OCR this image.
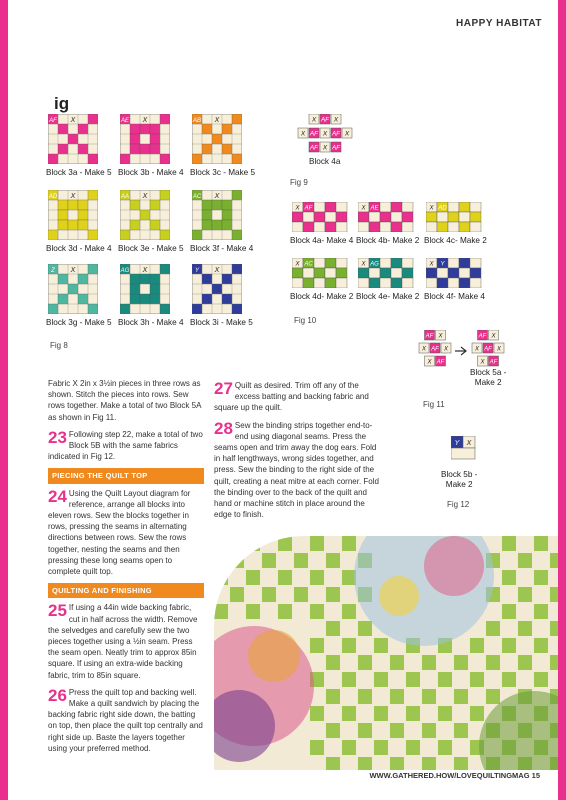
HAPPY HABITAT
ig
AF X
Block 3a - Make 5
AE X
Block 3b - Make 4
AB X
Block 3c - Make 5
AD X
Block 3d - Make 4
AA X
Block 3e - Make 5
AC X
Block 3f - Make 4
Z X
Block 3g - Make 5
AG X
Block 3h - Make 4
Y X
Block 3i - Make 5
Fig 8
X AF X
X AF X AF X
AF X AF
Block 4a
Fig 9
X AF
Block 4a- Make 4
X AE
Block 4b- Make 2
X AD
Block 4c- Make 2
X AC
Block 4d- Make 2
X AG
Block 4e- Make 2
X Y
Block 4f- Make 4
Fig 10
AF X
X AF X
X AF
AF X
X AF X
X AF
Block 5a -
Make 2
Fig 11
Y X
Block 5b -
Make 2
Fig 12

Fabric X 2in x 3½in pieces in three rows as shown. Stitch the pieces into rows. Sew rows together. Make a total of two Block 5A as shown in Fig 11.

23 Following step 22, make a total of two Block 5B with the same fabrics indicated in Fig 12.

PIECING THE QUILT TOP

24 Using the Quilt Layout diagram for reference, arrange all blocks into eleven rows. Sew the blocks together in rows, pressing the seams in alternating directions between rows. Sew the rows together, nesting the seams and then pressing these long seams open to complete quilt top.

QUILTING AND FINISHING

25 If using a 44in wide backing fabric, cut in half across the width. Remove the selvedges and carefully sew the two pieces together using a ½in seam. Press the seam open. Neatly trim to approx 85in square. If using an extra-wide backing fabric, trim to 85in square.

26 Press the quilt top and backing well. Make a quilt sandwich by placing the backing fabric right side down, the batting on top, then place the quilt top centrally and right side up. Baste the layers together using your preferred method.

27 Quilt as desired. Trim off any of the excess batting and backing fabric and square up the quilt.

28 Sew the binding strips together end-to-end using diagonal seams. Press the seams open and trim away the dog ears. Fold in half lengthways, wrong sides together, and press. Sew the binding to the right side of the quilt, creating a neat mitre at each corner. Fold the binding over to the back of the quilt and hand or machine stitch in place around the edge to finish.

WWW.GATHERED.HOW/LOVEQUILTINGMAG 15
PassionForum.ru
